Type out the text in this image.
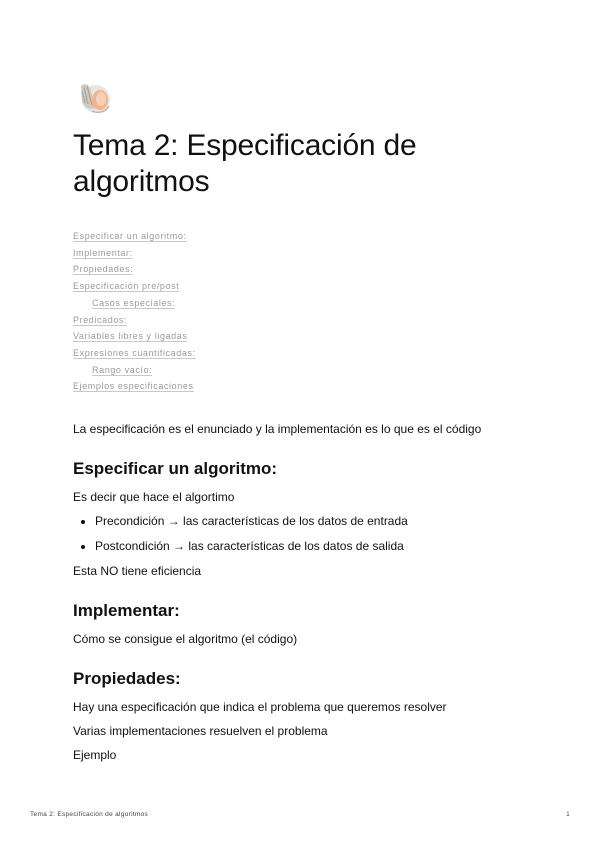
Tema 2: Especificación de algoritmos
Especificar un algoritmo:
Implementar:
Propiedades:
Especificación pre/post
Casos especiales:
Predicados:
Variables libres y ligadas
Expresiones cuantificadas:
Rango vacío:
Ejemplos especificaciones

La especificación es el enunciado y la implementación es lo que es el código

Especificar un algoritmo:

Es decir que hace el algortimo

• Precondición → las características de los datos de entrada
• Postcondición → las características de los datos de salida

Esta NO tiene eficiencia

Implementar:

Cómo se consigue el algoritmo (el código)

Propiedades:

Hay una especificación que indica el problema que queremos resolver

Varias implementaciones resuelven el problema

Ejemplo

Tema 2: Especificación de algoritmos	1
